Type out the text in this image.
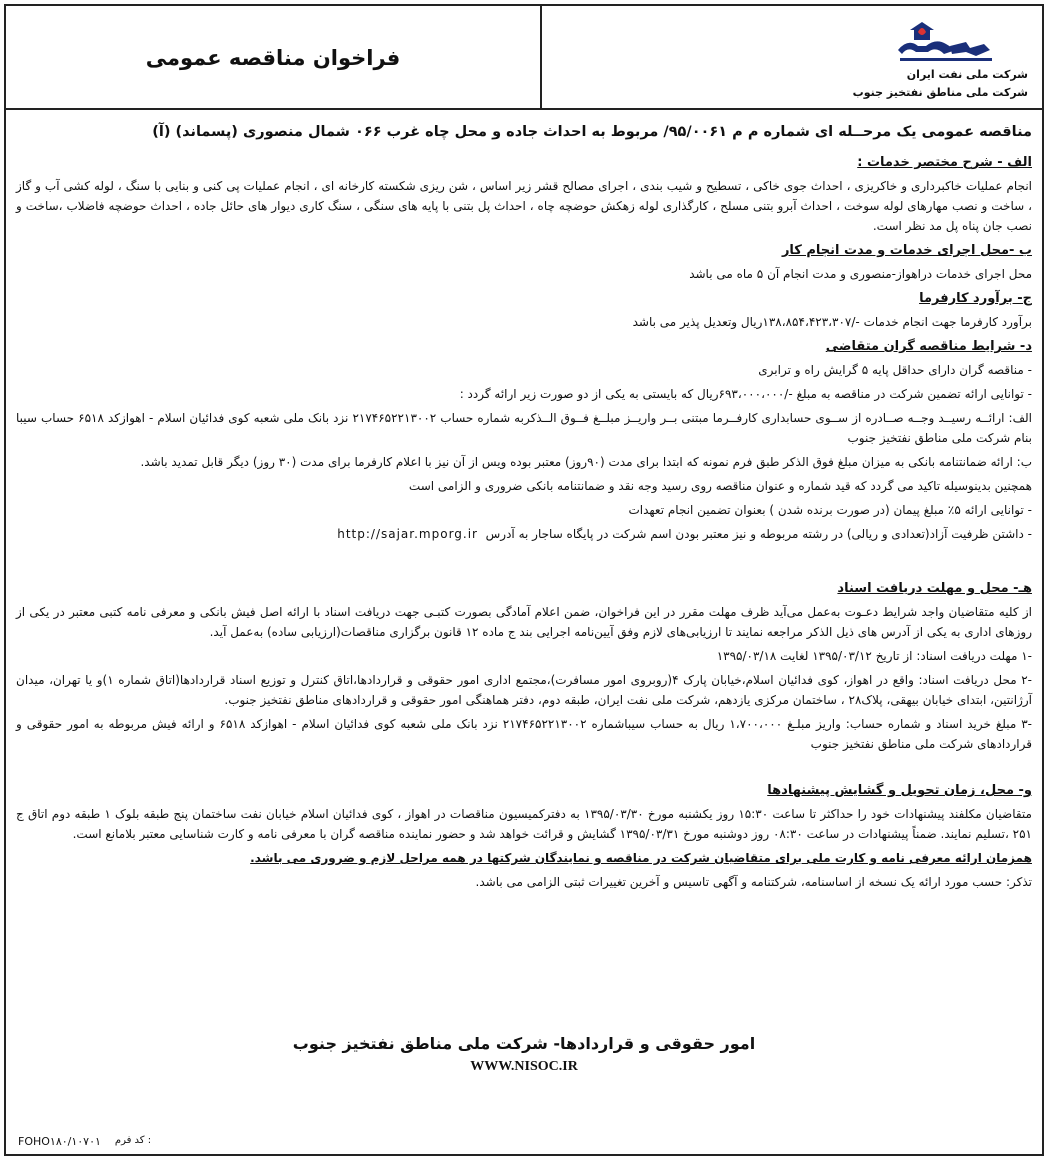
فراخوان مناقصه عمومی
شرکت ملی نفت ایران
شرکت ملی مناطق نفتخیز جنوب
مناقصه عمومی یک مرحــله ای شماره م م ۹۵/۰۰۶۱/ مربوط به احداث جاده و محل چاه غرب ۰۶۶ شمال منصوری (پسماند) (آ)
الف - شرح مختصر خدمات :

انجام عملیات خاکبرداری و خاکریزی ، احداث جوی خاکی ، تسطیح و شیب بندی ، اجرای مصالح قشر زیر اساس ، شن ریزی شکسته کارخانه ای ، انجام عملیات پی کنی و بنایی با سنگ ، لوله کشی آب و گاز ، ساخت و نصب مهارهای لوله سوخت ، احداث آبرو بتنی مسلح ، کارگذاری لوله زهکش حوضچه چاه ، احداث پل بتنی با پایه های سنگی ، سنگ کاری دیوار های حائل جاده ، احداث حوضچه فاضلاب ،ساخت و نصب جان پناه پل مد نظر است.

ب -محل اجرای خدمات و مدت انجام کار

محل اجرای خدمات دراهواز-منصوری و مدت انجام آن ۵ ماه می باشد

ج- برآورد کارفرما

برآورد کارفرما جهت انجام خدمات -/۱۳۸،۸۵۴،۴۲۳،۳۰۷ریال وتعدیل پذیر می باشد

د- شرایط مناقصه گران متقاضی

- مناقصه گران دارای حداقل پایه ۵ گرایش راه و ترابری

- توانایی ارائه تضمین شرکت در مناقصه به مبلغ -/۶۹۳،۰۰۰،۰۰۰ریال که بایستی به یکی از دو صورت زیر ارائه گردد :

الف: ارائــه رسیــد وجــه صــادره از ســوی حسابداری کارفــرما مبتنی بــر واریــز مبلــغ فــوق الــذکربه شماره حساب ۲۱۷۴۶۵۲۲۱۳۰۰۲ نزد بانک ملی شعبه کوی فدائیان اسلام - اهوازکد ۶۵۱۸ حساب سیبا بنام شرکت ملی مناطق نفتخیز جنوب

ب: ارائه ضمانتنامه بانکی به میزان مبلغ فوق الذکر طبق فرم نمونه که ابتدا برای مدت (۹۰روز) معتبر بوده ویس از آن نیز با اعلام کارفرما برای مدت (۳۰ روز) دیگر قابل تمدید باشد.

همچنین بدینوسیله تاکید می گردد که قید شماره و عنوان مناقصه روی رسید وجه نقد و ضمانتنامه بانکی ضروری و الزامی است

- توانایی ارائه ۵٪ مبلغ پیمان (در صورت برنده شدن ) بعنوان تضمین انجام تعهدات

- داشتن ظرفیت آزاد(تعدادی و ریالی) در رشته مربوطه و نیز معتبر بودن اسم شرکت در پایگاه ساجار به آدرس  http://sajar.mporg.ir

هـ- محل و مهلت دریافت اسناد

از کلیه متقاضیان واجد شرایط دعـوت به‌عمل می‌آید ظرف مهلت مقرر در این فراخوان، ضمن اعلام آمادگی بصورت کتبـی جهت دریافت اسناد با ارائه اصل فیش بانکی و معرفی نامه کتبی معتبر در یکی از روزهای اداری به یکی از آدرس های ذیل الذکر مراجعه نمایند تا ارزیابی‌های لازم وفق آیین‌نامه اجرایی بند ج ماده ۱۲ قانون برگزاری مناقصات(ارزیابی ساده) به‌عمل آید.

-۱ مهلت دریافت اسناد: از تاریخ ۱۳۹۵/۰۳/۱۲ لغایت ۱۳۹۵/۰۳/۱۸

-۲ محل دریافت اسناد: واقع در اهواز، کوی فدائیان اسلام،خیابان پارک ۴(روبروی امور مسافرت)،مجتمع اداری امور حقوقی و قراردادها،اتاق کنترل و توزیع اسناد قراردادها(اتاق شماره ۱)و یا تهران، میدان آرژانتین، ابتدای خیابان بیهقی، پلاک۲۸ ، ساختمان مرکزی یازدهم، شرکت ملی نفت ایران، طبقه دوم، دفتر هماهنگی امور حقوقی و قراردادهای مناطق نفتخیز جنوب.

-۳ مبلغ خرید اسناد و شماره حساب: واریز مبلـغ ۱،۷۰۰،۰۰۰ ریال به حساب سیباشماره ۲۱۷۴۶۵۲۲۱۳۰۰۲ نزد بانک ملی شعبه کوی فدائیان اسلام - اهوازکد ۶۵۱۸ و ارائه فیش مربوطه به امور حقوقی و قراردادهای شرکت ملی مناطق نفتخیز جنوب

و- محل، زمان تحویل و گشایش پیشنهادها

متقاضیان مکلفند پیشنهادات خود را حداکثر تا ساعت ۱۵:۳۰ روز یکشنبه مورخ ۱۳۹۵/۰۳/۳۰ به دفترکمیسیون مناقصات در اهواز ، کوی فدائیان اسلام خیابان نفت ساختمان پنج طبقه بلوک ۱ طبقه دوم اتاق ج ۲۵۱ ،تسلیم نمایند. ضمناً پیشنهادات در ساعت ۰۸:۳۰ روز دوشنبه مورخ ۱۳۹۵/۰۳/۳۱ گشایش و قرائت خواهد شد و حضور نماینده مناقصه گران با معرفی نامه و کارت شناسایی معتبر بلامانع است.

همزمان ارائه معرفی نامه و کارت ملی برای متقاضیان شرکت در مناقصه و نمایندگان شرکتها در همه مراحل لازم و ضروری می باشد.

تذکر: حسب مورد ارائه یک نسخه از اساسنامه، شرکتنامه و آگهی تاسیس و آخرین تغییرات ثبتی الزامی می باشد.

امور حقوقی و قراردادها- شرکت ملی مناطق نفتخیز جنوب
WWW.NISOC.IR
FOHO۱۸۰/۱۰۷۰۱ کد فرم :
